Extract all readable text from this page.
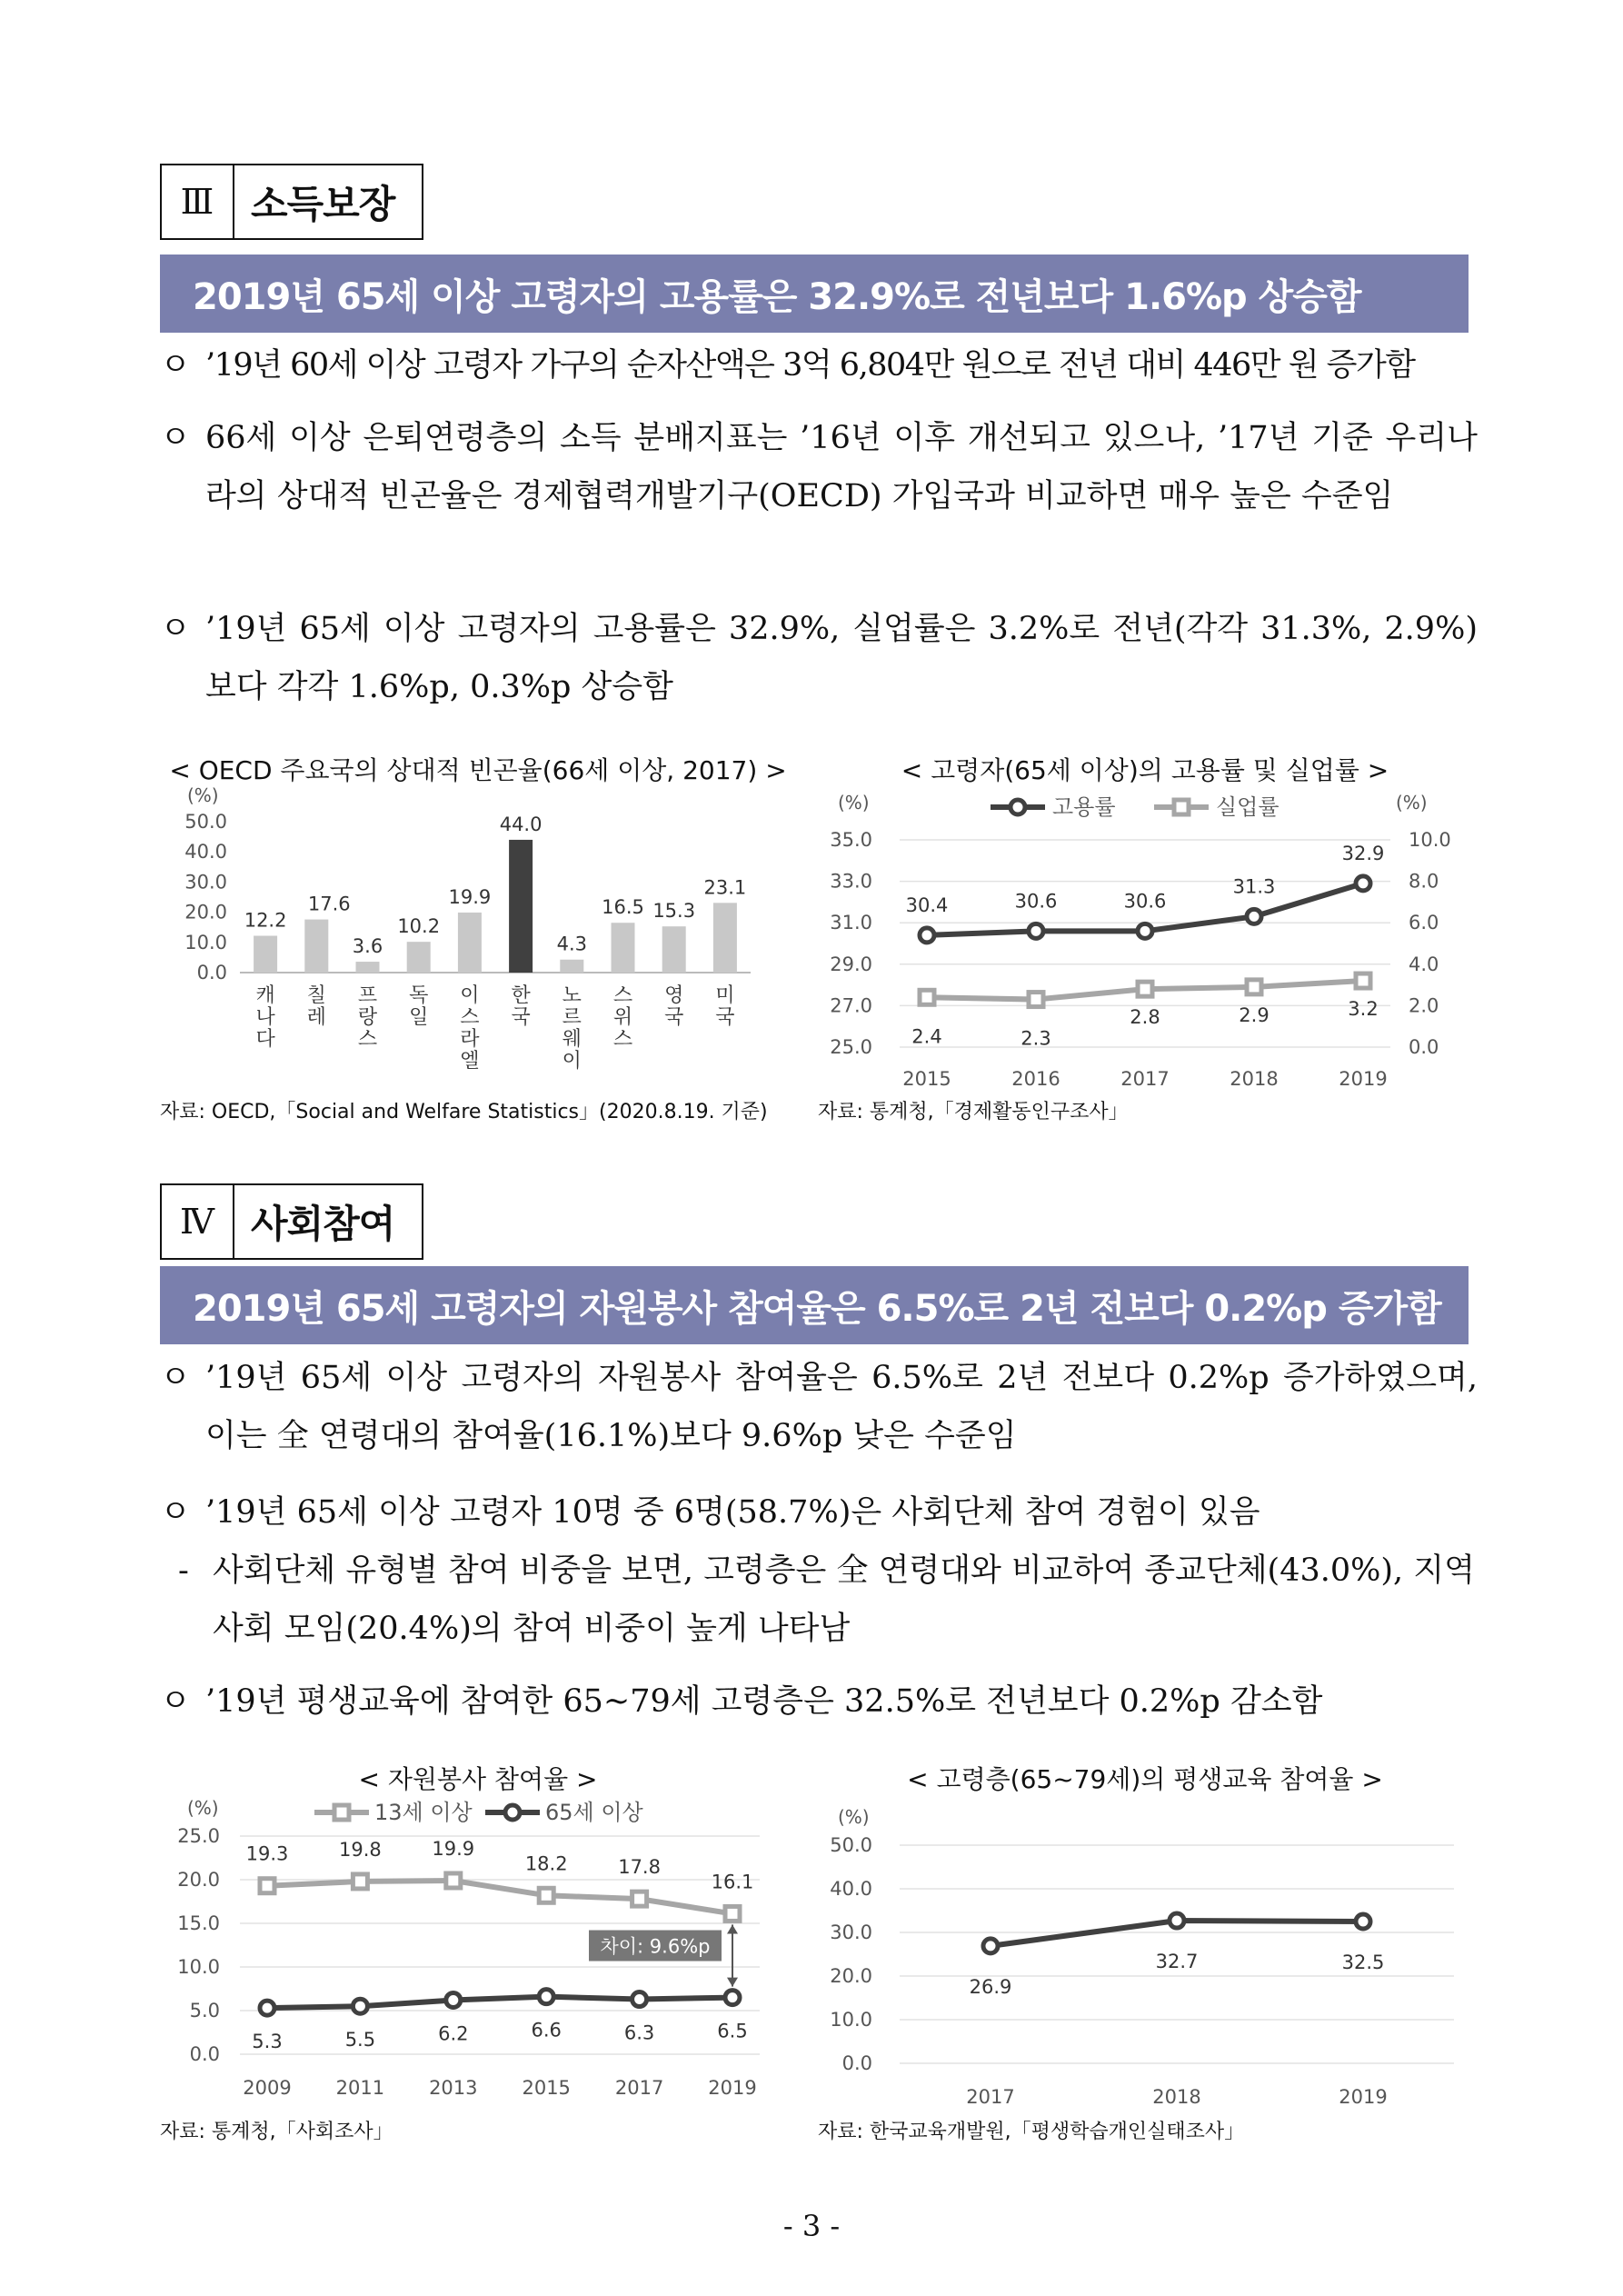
Ⅲ 소득보장
2019년 65세 이상 고령자의 고용률은 32.9%로 전년보다 1.6%p 상승함
ㅇ ’19년 60세 이상 고령자 가구의 순자산액은 3억 6,804만 원으로 전년 대비 446만 원 증가함
ㅇ 66세 이상 은퇴연령층의 소득 분배지표는 ’16년 이후 개선되고 있으나, ’17년 기준 우리나라의 상대적 빈곤율은 경제협력개발기구(OECD) 가입국과 비교하면 매우 높은 수준임
ㅇ ’19년 65세 이상 고령자의 고용률은 32.9%, 실업률은 3.2%로 전년(각각 31.3%, 2.9%)보다 각각 1.6%p, 0.3%p 상승함
< OECD 주요국의 상대적 빈곤율(66세 이상, 2017) >
(%)
0.0
10.0
20.0
30.0
40.0
50.0
12.2
캐
나
다
17.6
칠
레
3.6
프
랑
스
10.2
독
일
19.9
이
스
라
엘
44.0
한
국
4.3
노
르
웨
이
16.5
스
위
스
15.3
영
국
23.1
미
국
자료: OECD,「Social and Welfare Statistics」(2020.8.19. 기준)
< 고령자(65세 이상)의 고용률 및 실업률 >
(%)	(%)
25.0
27.0
29.0
31.0
33.0
35.0
0.0
2.0
4.0
6.0
8.0
10.0
2015	2016	2017	2018	2019
고용률	실업률
2.4	2.3
2.8	2.9	3.2
30.4	30.6	30.6
31.3
32.9
자료: 통계청,「경제활동인구조사」
Ⅳ 사회참여
2019년 65세 고령자의 자원봉사 참여율은 6.5%로 2년 전보다 0.2%p 증가함
ㅇ ’19년 65세 이상 고령자의 자원봉사 참여율은 6.5%로 2년 전보다 0.2%p 증가하였으며, 이는 全 연령대의 참여율(16.1%)보다 9.6%p 낮은 수준임
ㅇ ’19년 65세 이상 고령자 10명 중 6명(58.7%)은 사회단체 참여 경험이 있음
- 사회단체 유형별 참여 비중을 보면, 고령층은 全 연령대와 비교하여 종교단체(43.0%), 지역사회 모임(20.4%)의 참여 비중이 높게 나타남
ㅇ ’19년 평생교육에 참여한 65~79세 고령층은 32.5%로 전년보다 0.2%p 감소함
< 자원봉사 참여율 >
(%)
0.0
5.0
10.0
15.0
20.0
25.0
2009 2011 2013 2015 2017 2019
13세 이상	65세 이상
19.3	19.8	19.9
18.2	17.8
16.1
5.3	5.5	6.2	6.6	6.3	6.5
차이: 9.6%p
자료: 통계청,「사회조사」
< 고령층(65~79세)의 평생교육 참여율 >
(%)
0.0
10.0
20.0
30.0
40.0
50.0
2017	2018	2019
26.9
32.7	32.5
자료: 한국교육개발원,「평생학습개인실태조사」
- 3 -
